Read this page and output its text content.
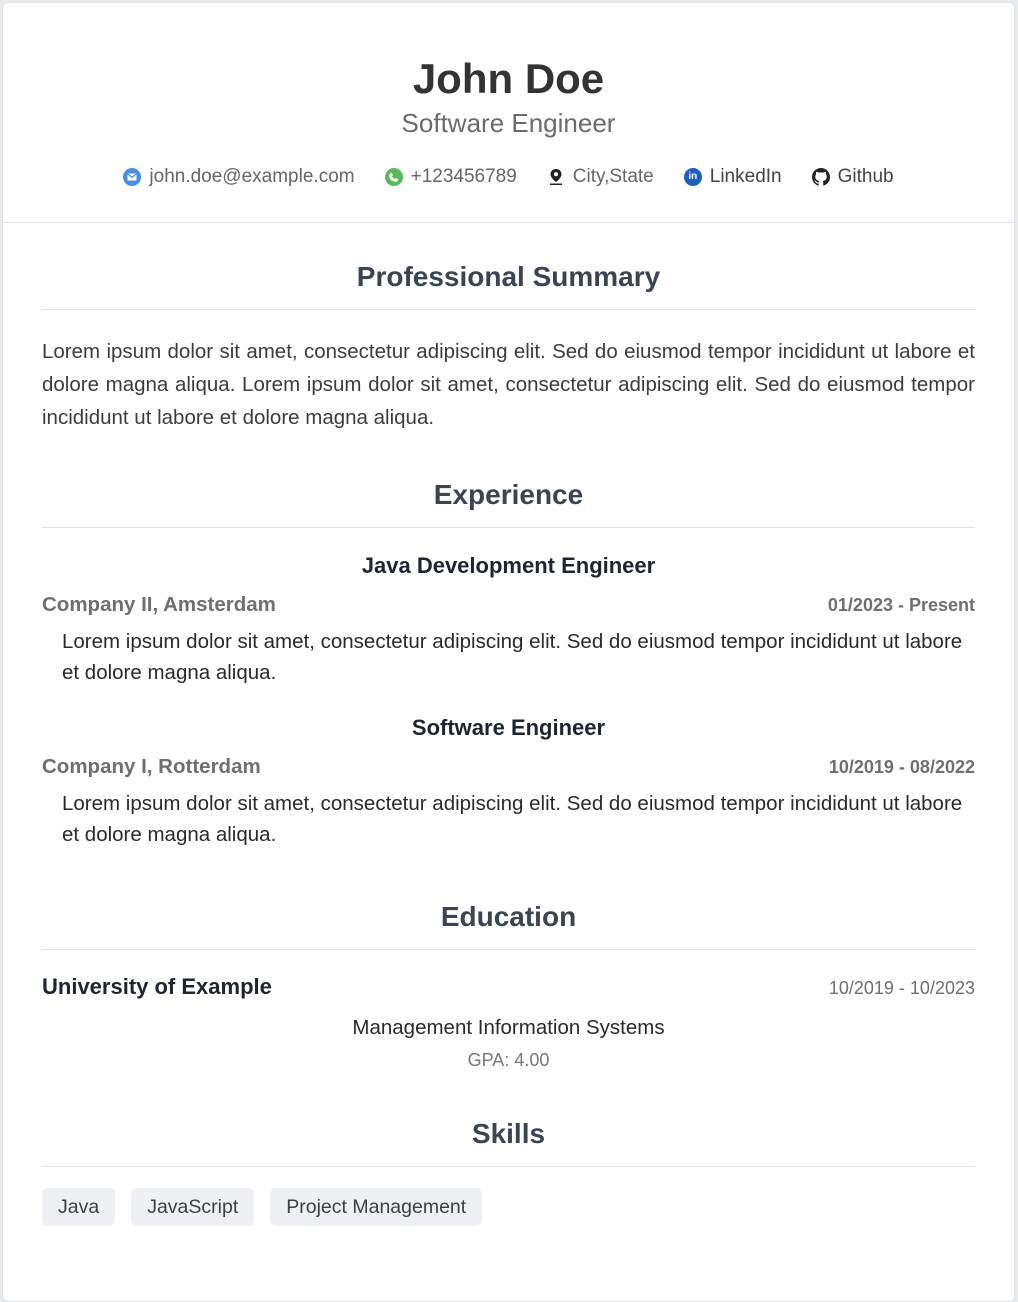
John Doe
Software Engineer
john.doe@example.com	+123456789	City,State	in LinkedIn	Github
Professional Summary
Lorem ipsum dolor sit amet, consectetur adipiscing elit. Sed do eiusmod tempor incididunt ut labore et dolore magna aliqua. Lorem ipsum dolor sit amet, consectetur adipiscing elit. Sed do eiusmod tempor incididunt ut labore et dolore magna aliqua.
Experience
Java Development Engineer
Company II, Amsterdam	01/2023 - Present
Lorem ipsum dolor sit amet, consectetur adipiscing elit. Sed do eiusmod tempor incididunt ut labore et dolore magna aliqua.
Software Engineer
Company I, Rotterdam	10/2019 - 08/2022
Lorem ipsum dolor sit amet, consectetur adipiscing elit. Sed do eiusmod tempor incididunt ut labore et dolore magna aliqua.
Education
University of Example	10/2019 - 10/2023
Management Information Systems
GPA: 4.00
Skills
Java	JavaScript	Project Management
